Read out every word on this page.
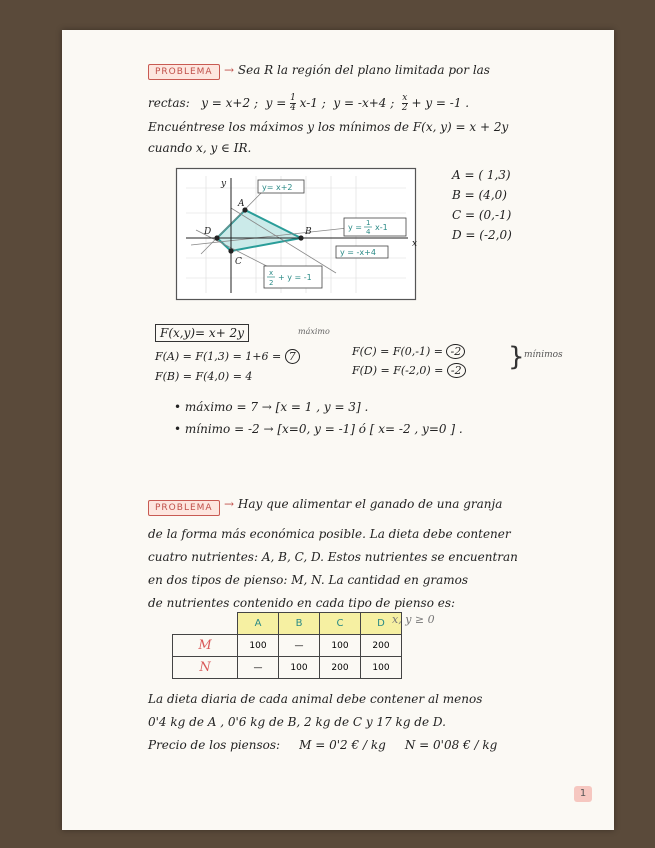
PROBLEMA → Sea R la región del plano limitada por las
rectas: y = x+2 ;  $y = \frac{1}{4} x-1$ ;  y = -x+4 ; $\frac{x}{2} + y = -1$ .
Encuéntrese los máximos y los mínimos de F(x, y) = x + 2y
cuando x, y ∈ IR.
x
y
A
B
C
D
y= x+2
y = 1
4 x-1
y = -x+4
x
2
+ y = -1
A = ( 1,3)
B = (4,0)
C = (0,-1)
D = (-2,0)
F(x,y)= x+ 2y	máximo
F(A) = F(1,3) = 1+6 = 7
F(B) = F(4,0) = 4
F(C) = F(0,-1) = -2
F(D) = F(-2,0) = -2 } mínimos
• máximo = 7 → [x = 1 , y = 3] .
• mínimo = -2 → [x=0, y = -1] ó [ x= -2 , y=0 ] .
PROBLEMA → Hay que alimentar el ganado de una granja
de la forma más económica posible. La dieta debe contener
cuatro nutrientes: A, B, C, D. Estos nutrientes se encuentran
en dos tipos de pienso: M, N. La cantidad en gramos
de nutrientes contenido en cada tipo de pienso es:
	A	B	C	D
M	100	—	100	200
N	—	100	200	100
x, y ≥ 0
La dieta diaria de cada animal debe contener al menos
0'4 kg de A , 0'6 kg de B, 2 kg de C y 17 kg de D.
Precio de los piensos: M = 0'2 € / kg N = 0'08 € / kg
1
